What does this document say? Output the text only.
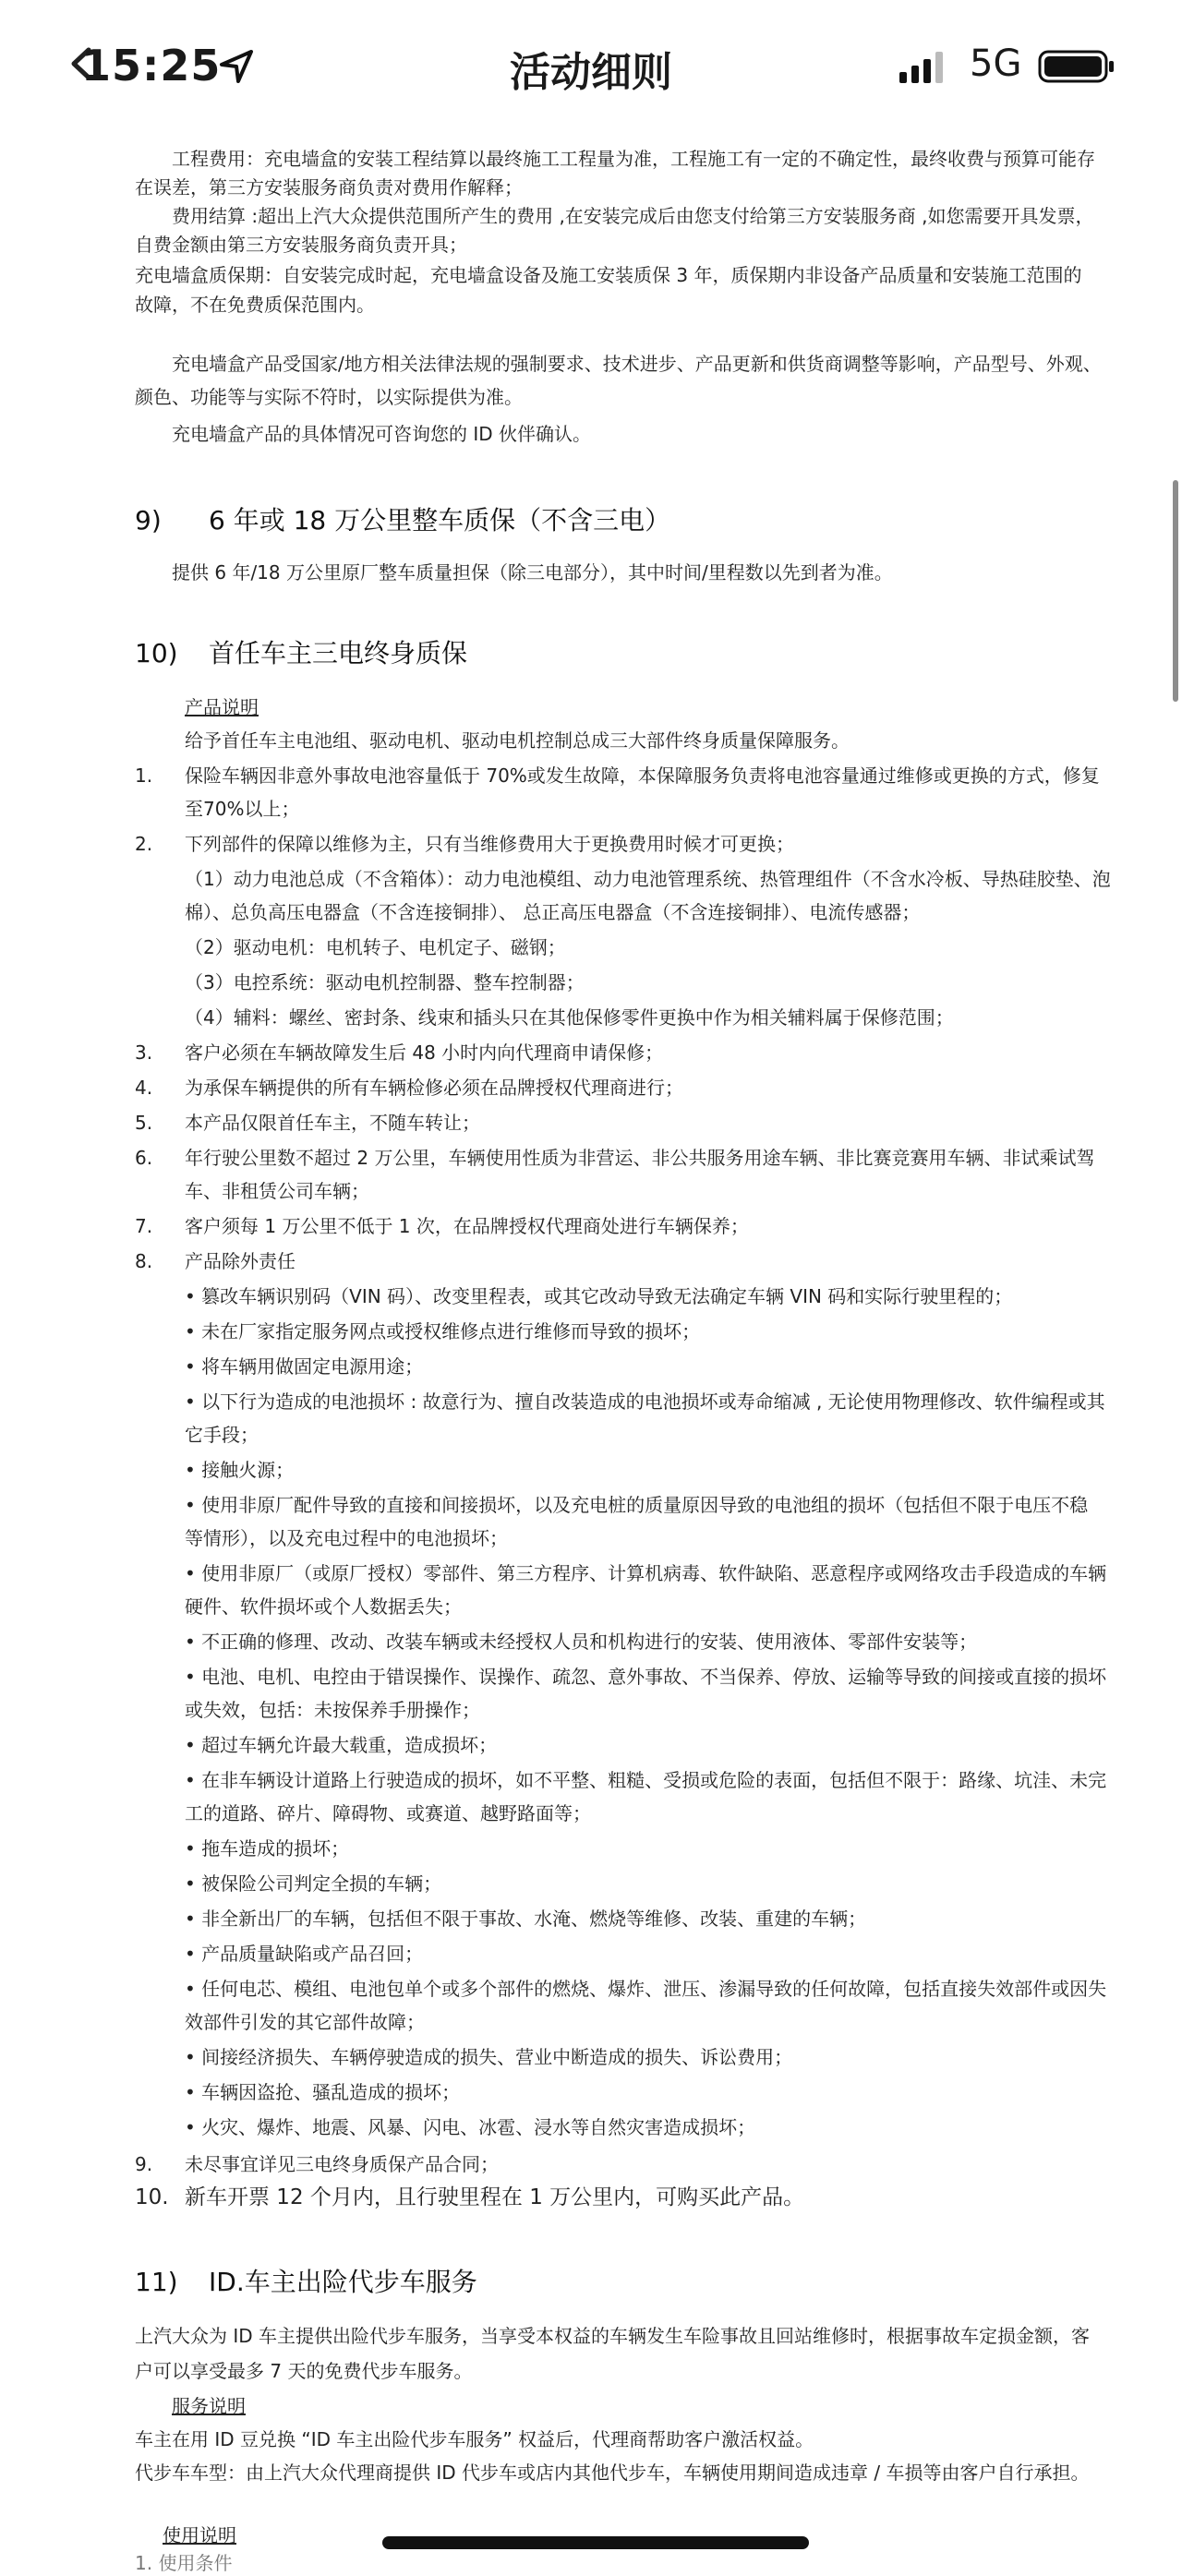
15:25	活动细则	5G
工程费用：充电墙盒的安装工程结算以最终施工工程量为准，工程施工有一定的不确定性，最终收费与预算可能存
在误差，第三方安装服务商负责对费用作解释；
费用结算 :超出上汽大众提供范围所产生的费用 ,在安装完成后由您支付给第三方安装服务商 ,如您需要开具发票，
自费金额由第三方安装服务商负责开具；
充电墙盒质保期：自安装完成时起，充电墙盒设备及施工安装质保 3 年，质保期内非设备产品质量和安装施工范围的
故障，不在免费质保范围内。
充电墙盒产品受国家/地方相关法律法规的强制要求、技术进步、产品更新和供货商调整等影响，产品型号、外观、
颜色、功能等与实际不符时，以实际提供为准。
充电墙盒产品的具体情况可咨询您的 ID 伙伴确认。
9) 6 年或 18 万公里整车质保（不含三电）
提供 6 年/18 万公里原厂整车质量担保（除三电部分），其中时间/里程数以先到者为准。
10) 首任车主三电终身质保
产品说明
给予首任车主电池组、驱动电机、驱动电机控制总成三大部件终身质量保障服务。
1. 保险车辆因非意外事故电池容量低于 70%或发生故障，本保障服务负责将电池容量通过维修或更换的方式，修复
至70%以上；
2. 下列部件的保障以维修为主，只有当维修费用大于更换费用时候才可更换；
（1）动力电池总成（不含箱体）：动力电池模组、动力电池管理系统、热管理组件（不含水冷板、导热硅胶垫、泡
棉）、总负高压电器盒（不含连接铜排）、 总正高压电器盒（不含连接铜排）、电流传感器；
（2）驱动电机：电机转子、电机定子、磁钢；
（3）电控系统：驱动电机控制器、整车控制器；
（4）辅料：螺丝、密封条、线束和插头只在其他保修零件更换中作为相关辅料属于保修范围；
3. 客户必须在车辆故障发生后 48 小时内向代理商申请保修；
4. 为承保车辆提供的所有车辆检修必须在品牌授权代理商进行；
5. 本产品仅限首任车主，不随车转让；
6. 年行驶公里数不超过 2 万公里，车辆使用性质为非营运、非公共服务用途车辆、非比赛竞赛用车辆、非试乘试驾
车、非租赁公司车辆；
7. 客户须每 1 万公里不低于 1 次，在品牌授权代理商处进行车辆保养；
8. 产品除外责任
• 篡改车辆识别码（VIN 码）、改变里程表，或其它改动导致无法确定车辆 VIN 码和实际行驶里程的；
• 未在厂家指定服务网点或授权维修点进行维修而导致的损坏；
• 将车辆用做固定电源用途；
• 以下行为造成的电池损坏 : 故意行为、擅自改装造成的电池损坏或寿命缩减 , 无论使用物理修改、软件编程或其
它手段；
• 接触火源；
• 使用非原厂配件导致的直接和间接损坏，以及充电桩的质量原因导致的电池组的损坏（包括但不限于电压不稳
等情形），以及充电过程中的电池损坏；
• 使用非原厂（或原厂授权）零部件、第三方程序、计算机病毒、软件缺陷、恶意程序或网络攻击手段造成的车辆
硬件、软件损坏或个人数据丢失；
• 不正确的修理、改动、改装车辆或未经授权人员和机构进行的安装、使用液体、零部件安装等；
• 电池、电机、电控由于错误操作、误操作、疏忽、意外事故、不当保养、停放、运输等导致的间接或直接的损坏
或失效，包括：未按保养手册操作；
• 超过车辆允许最大载重，造成损坏；
• 在非车辆设计道路上行驶造成的损坏，如不平整、粗糙、受损或危险的表面，包括但不限于：路缘、坑洼、未完
工的道路、碎片、障碍物、或赛道、越野路面等；
• 拖车造成的损坏；
• 被保险公司判定全损的车辆；
• 非全新出厂的车辆，包括但不限于事故、水淹、燃烧等维修、改装、重建的车辆；
• 产品质量缺陷或产品召回；
• 任何电芯、模组、电池包单个或多个部件的燃烧、爆炸、泄压、渗漏导致的任何故障，包括直接失效部件或因失
效部件引发的其它部件故障；
• 间接经济损失、车辆停驶造成的损失、营业中断造成的损失、诉讼费用；
• 车辆因盗抢、骚乱造成的损坏；
• 火灾、爆炸、地震、风暴、闪电、冰雹、浸水等自然灾害造成损坏；
9. 未尽事宜详见三电终身质保产品合同；
10. 新车开票 12 个月内，且行驶里程在 1 万公里内，可购买此产品。
11) ID.车主出险代步车服务
上汽大众为 ID 车主提供出险代步车服务，当享受本权益的车辆发生车险事故且回站维修时，根据事故车定损金额，客
户可以享受最多 7 天的免费代步车服务。
服务说明
车主在用 ID 豆兑换 “ID 车主出险代步车服务” 权益后，代理商帮助客户激活权益。
代步车车型：由上汽大众代理商提供 ID 代步车或店内其他代步车，车辆使用期间造成违章 / 车损等由客户自行承担。
使用说明
1. 使用条件
